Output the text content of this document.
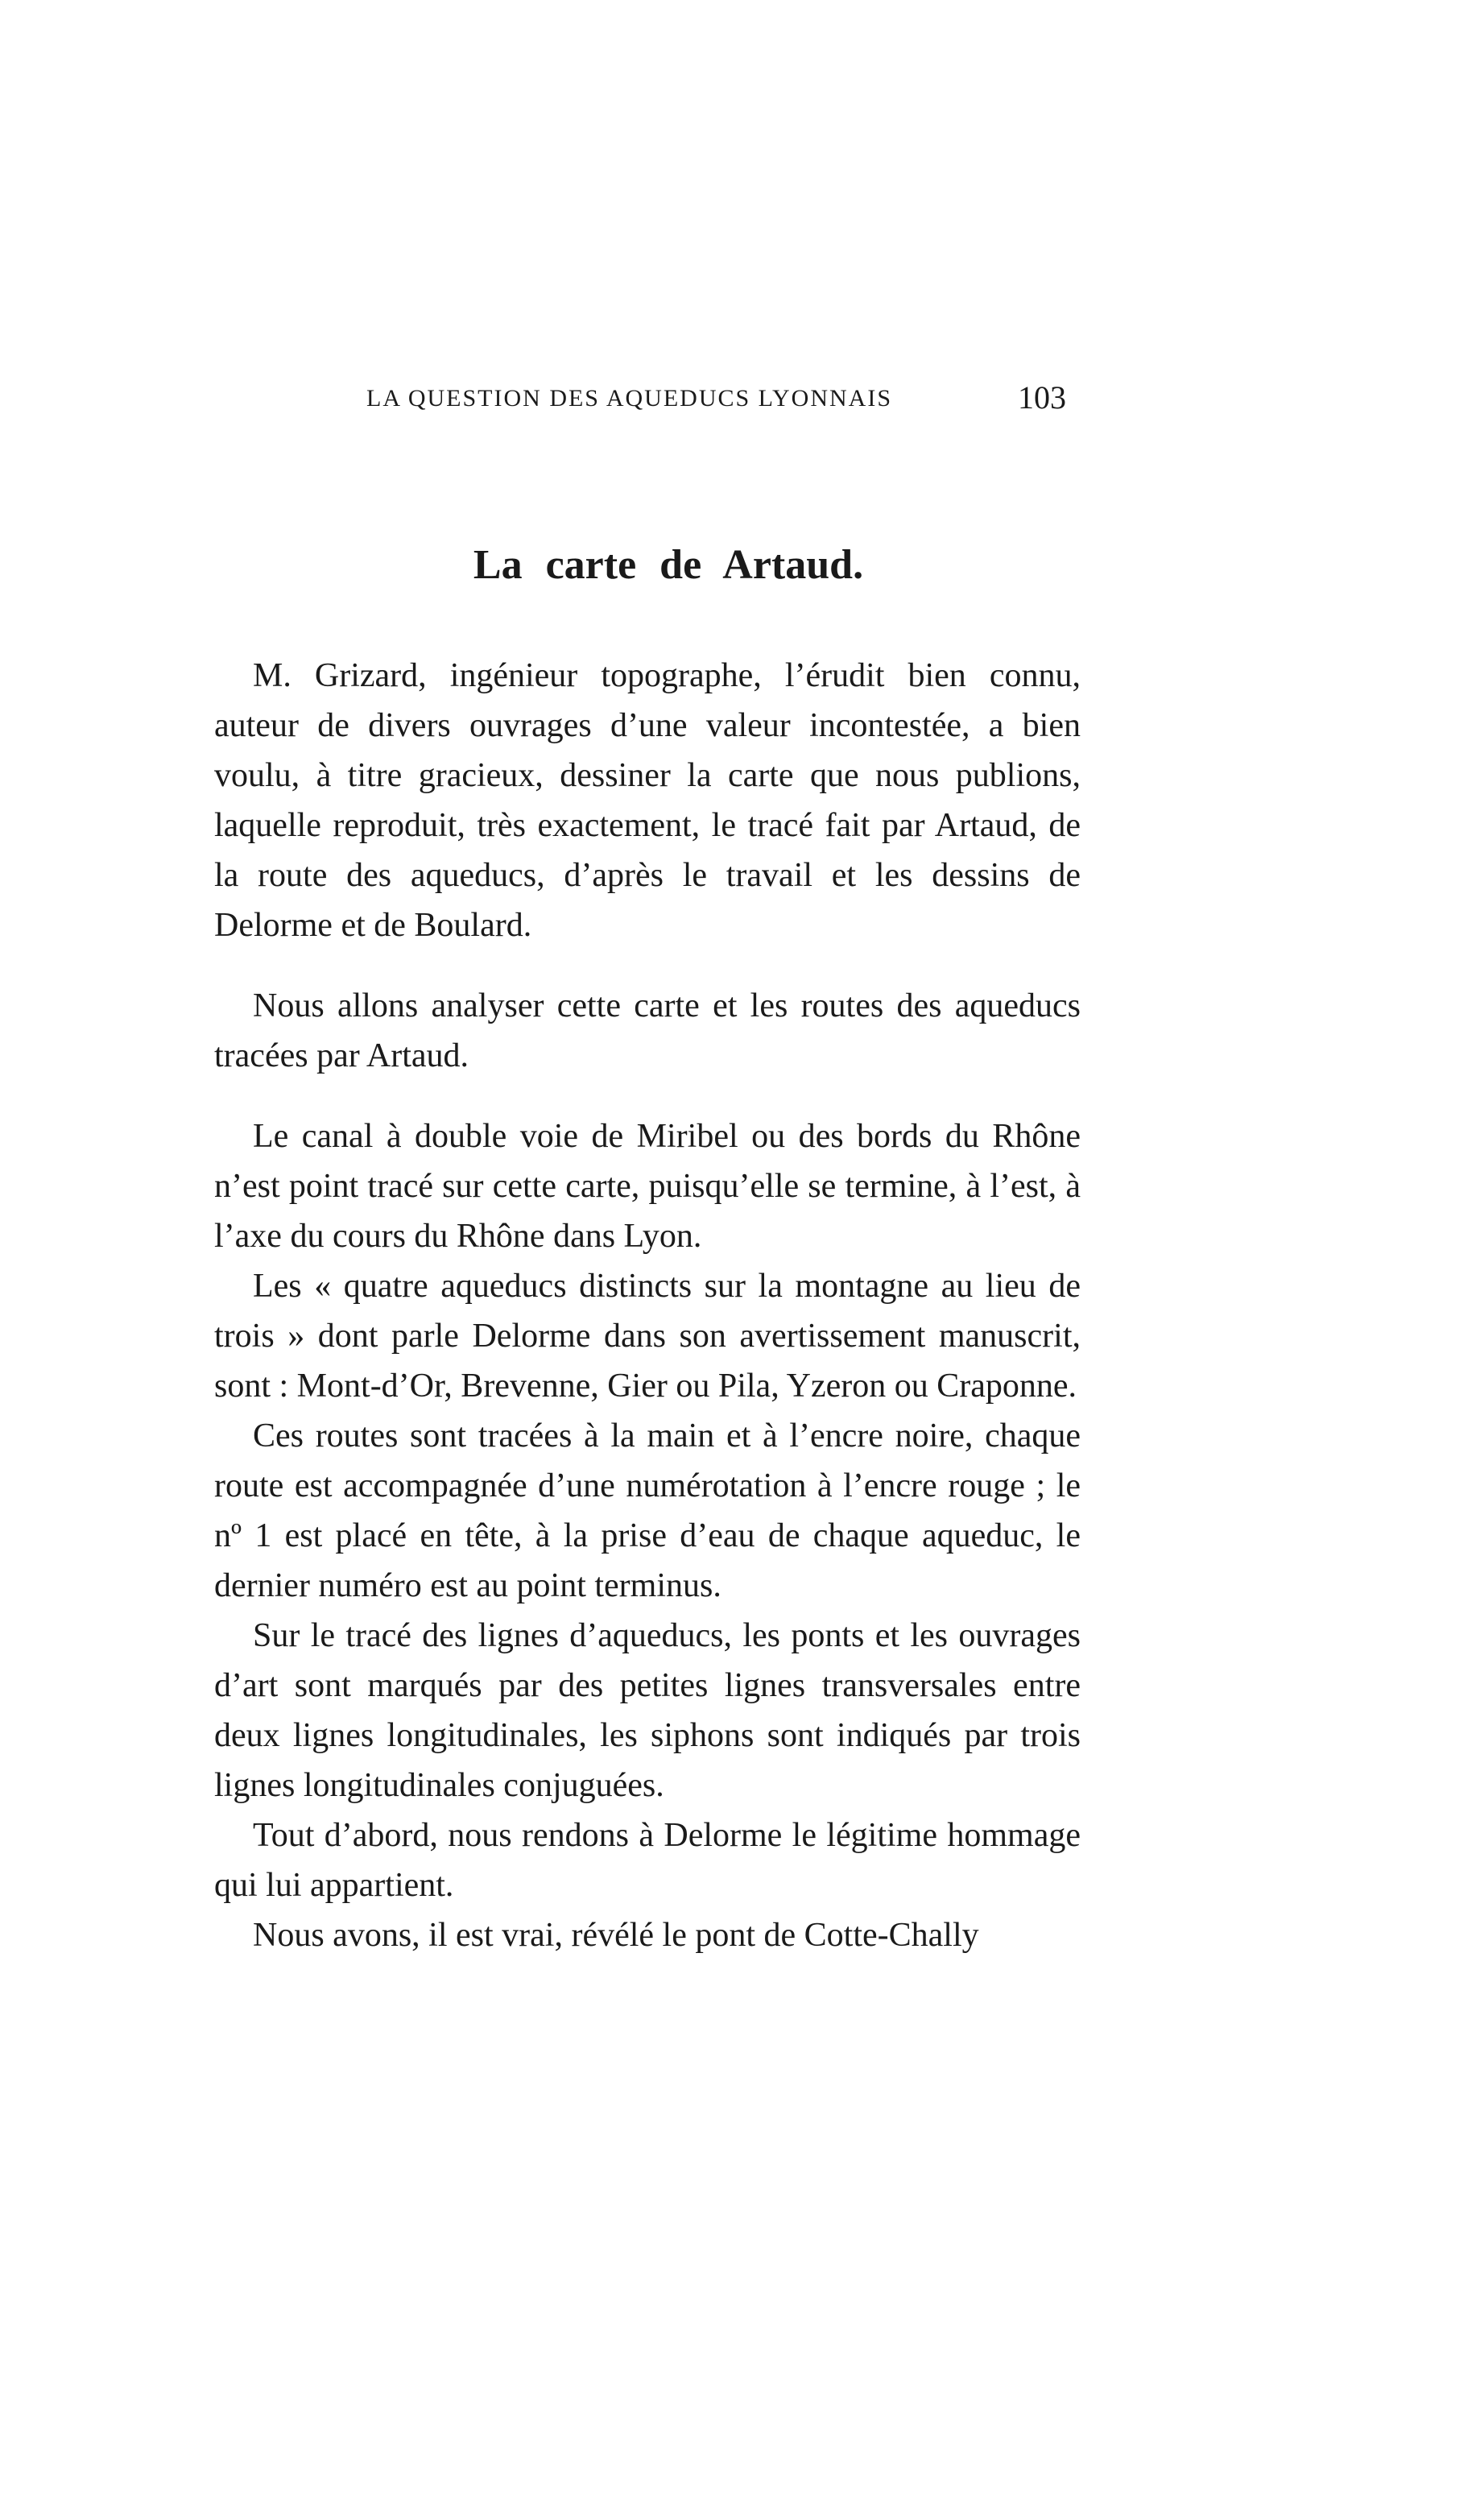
LA QUESTION DES AQUEDUCS LYONNAIS	103
La carte de Artaud.

M. Grizard, ingénieur topographe, l’érudit bien connu, auteur de divers ouvrages d’une valeur incontestée, a bien voulu, à titre gracieux, dessiner la carte que nous publions, laquelle reproduit, très exactement, le tracé fait par Artaud, de la route des aqueducs, d’après le travail et les dessins de Delorme et de Boulard.

Nous allons analyser cette carte et les routes des aqueducs tracées par Artaud.

Le canal à double voie de Miribel ou des bords du Rhône n’est point tracé sur cette carte, puisqu’elle se termine, à l’est, à l’axe du cours du Rhône dans Lyon.

Les « quatre aqueducs distincts sur la montagne au lieu de trois » dont parle Delorme dans son avertissement manuscrit, sont : Mont-d’Or, Brevenne, Gier ou Pila, Yzeron ou Craponne.

Ces routes sont tracées à la main et à l’encre noire, chaque route est accompagnée d’une numérotation à l’encre rouge ; le nº 1 est placé en tête, à la prise d’eau de chaque aqueduc, le dernier numéro est au point terminus.

Sur le tracé des lignes d’aqueducs, les ponts et les ouvrages d’art sont marqués par des petites lignes transversales entre deux lignes longitudinales, les siphons sont indiqués par trois lignes longitudinales conjuguées.

Tout d’abord, nous rendons à Delorme le légitime hommage qui lui appartient.

Nous avons, il est vrai, révélé le pont de Cotte-Chally
